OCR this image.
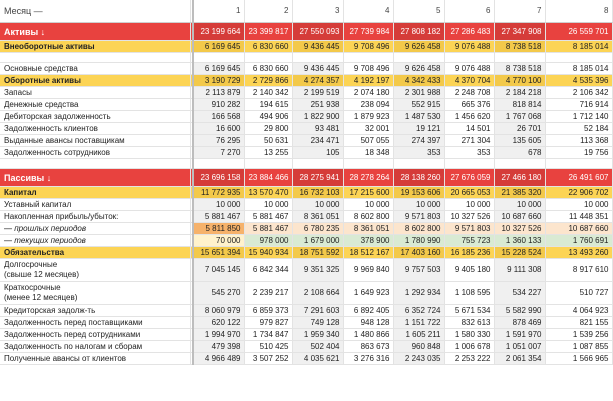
Месяц —		1	2	3	4	5	6	7	8
Активы ↓		23 199 664	23 399 817	27 550 093	27 739 984	27 808 182	27 286 483	27 347 908	26 559 701
Внеоборотные активы		6 169 645	6 830 660	9 436 445	9 708 496	9 626 458	9 076 488	8 738 518	8 185 014

Основные средства		6 169 645	6 830 660	9 436 445	9 708 496	9 626 458	9 076 488	8 738 518	8 185 014
Оборотные активы		3 190 729	2 729 866	4 274 357	4 192 197	4 342 433	4 370 704	4 770 100	4 535 396
Запасы		2 113 879	2 140 342	2 199 519	2 074 180	2 301 988	2 248 708	2 184 218	2 106 342
Денежные средства		910 282	194 615	251 938	238 094	552 915	665 376	818 814	716 914
Дебиторская задолженность		166 568	494 906	1 822 900	1 879 923	1 487 530	1 456 620	1 767 068	1 712 140
Задолженность клиентов		16 600	29 800	93 481	32 001	19 121	14 501	26 701	52 184
Выданные авансы поставщикам		76 295	50 631	234 471	507 055	274 397	271 304	135 605	113 368
Задолженность сотрудников		7 270	13 255	105	18 348	353	353	678	19 756

Пассивы ↓		23 696 158	23 884 466	28 275 941	28 278 264	28 138 260	27 676 059	27 466 180	26 491 607
Капитал		11 772 935	13 570 470	16 732 103	17 215 600	19 153 606	20 665 053	21 385 320	22 906 702
Уставный капитал		10 000	10 000	10 000	10 000	10 000	10 000	10 000	10 000
Накопленная прибыль/убыток:		5 881 467	5 881 467	8 361 051	8 602 800	9 571 803	10 327 526	10 687 660	11 448 351
— прошлых периодов		5 811 850	5 881 467	6 780 235	8 361 051	8 602 800	9 571 803	10 327 526	10 687 660
— текущих периодов		70 000	978 000	1 679 000	378 900	1 780 990	755 723	1 360 133	1 760 691
Обязательства		15 651 394	15 940 934	18 751 592	18 512 167	17 403 160	16 185 236	15 228 524	13 493 260
Долгосрочные
(свыше 12 месяцев)		7 045 145	6 842 344	9 351 325	9 969 840	9 757 503	9 405 180	9 111 308	8 917 610
Краткосрочные
(менее 12 месяцев)		545 270	2 239 217	2 108 664	1 649 923	1 292 934	1 108 595	534 227	510 727
Кредиторская задолж-ть		8 060 979	6 859 373	7 291 603	6 892 405	6 352 724	5 671 534	5 582 990	4 064 923
Задолженность перед поставщиками		620 122	979 827	749 128	948 128	1 151 722	832 613	878 469	821 155
Задолженность перед сотрудниками		1 994 970	1 734 847	1 959 340	1 480 866	1 605 211	1 580 330	1 591 970	1 539 256
Задолженность по налогам и сборам		479 398	510 425	502 404	863 673	960 848	1 006 678	1 051 007	1 087 855
Полученные авансы от клиентов		4 966 489	3 507 252	4 035 621	3 276 316	2 243 035	2 253 222	2 061 354	1 566 965
